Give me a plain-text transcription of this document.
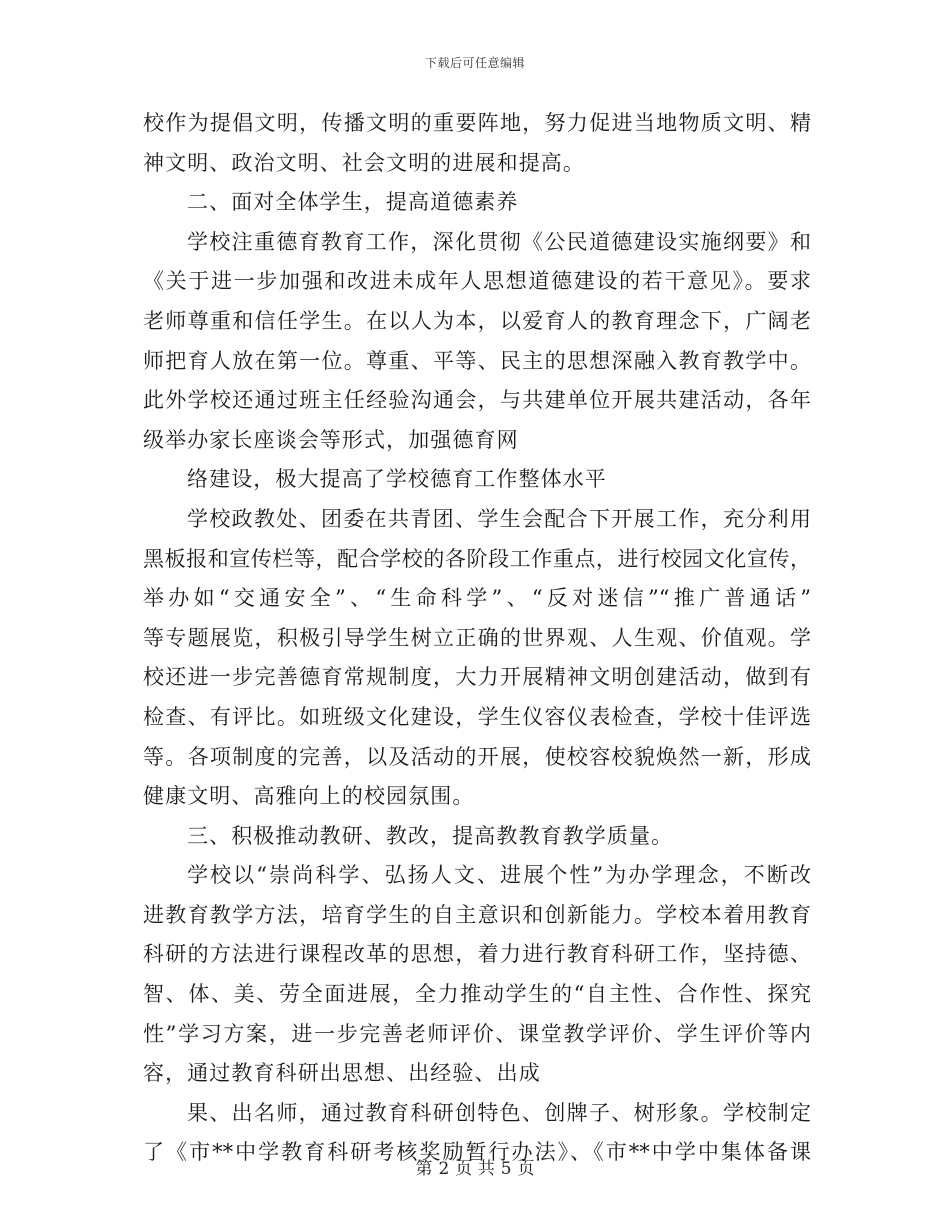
下载后可任意编辑
校作为提倡文明，传播文明的重要阵地，努力促进当地物质文明、精
神文明、政治文明、社会文明的进展和提高。
二、面对全体学生，提高道德素养
学校注重德育教育工作，深化贯彻《公民道德建设实施纲要》和
《关于进一步加强和改进未成年人思想道德建设的若干意见》。要求
老师尊重和信任学生。在以人为本，以爱育人的教育理念下，广阔老
师把育人放在第一位。尊重、平等、民主的思想深融入教育教学中。
此外学校还通过班主任经验沟通会，与共建单位开展共建活动，各年
级举办家长座谈会等形式，加强德育网
络建设，极大提高了学校德育工作整体水平
学校政教处、团委在共青团、学生会配合下开展工作，充分利用
黑板报和宣传栏等，配合学校的各阶段工作重点，进行校园文化宣传，
举办如“交通安全”、“生命科学”、“反对迷信”“推广普通话”
等专题展览，积极引导学生树立正确的世界观、人生观、价值观。学
校还进一步完善德育常规制度，大力开展精神文明创建活动，做到有
检查、有评比。如班级文化建设，学生仪容仪表检查，学校十佳评选
等。各项制度的完善，以及活动的开展，使校容校貌焕然一新，形成
健康文明、高雅向上的校园氛围。
三、积极推动教研、教改，提高教教育教学质量。
学校以“崇尚科学、弘扬人文、进展个性”为办学理念，不断改
进教育教学方法，培育学生的自主意识和创新能力。学校本着用教育
科研的方法进行课程改革的思想，着力进行教育科研工作，坚持德、
智、体、美、劳全面进展，全力推动学生的“自主性、合作性、探究
性”学习方案，进一步完善老师评价、课堂教学评价、学生评价等内
容，通过教育科研出思想、出经验、出成
果、出名师，通过教育科研创特色、创牌子、树形象。学校制定
了《市**中学教育科研考核奖励暂行办法》、《市**中学中集体备课
第 2 页 共 5 页
